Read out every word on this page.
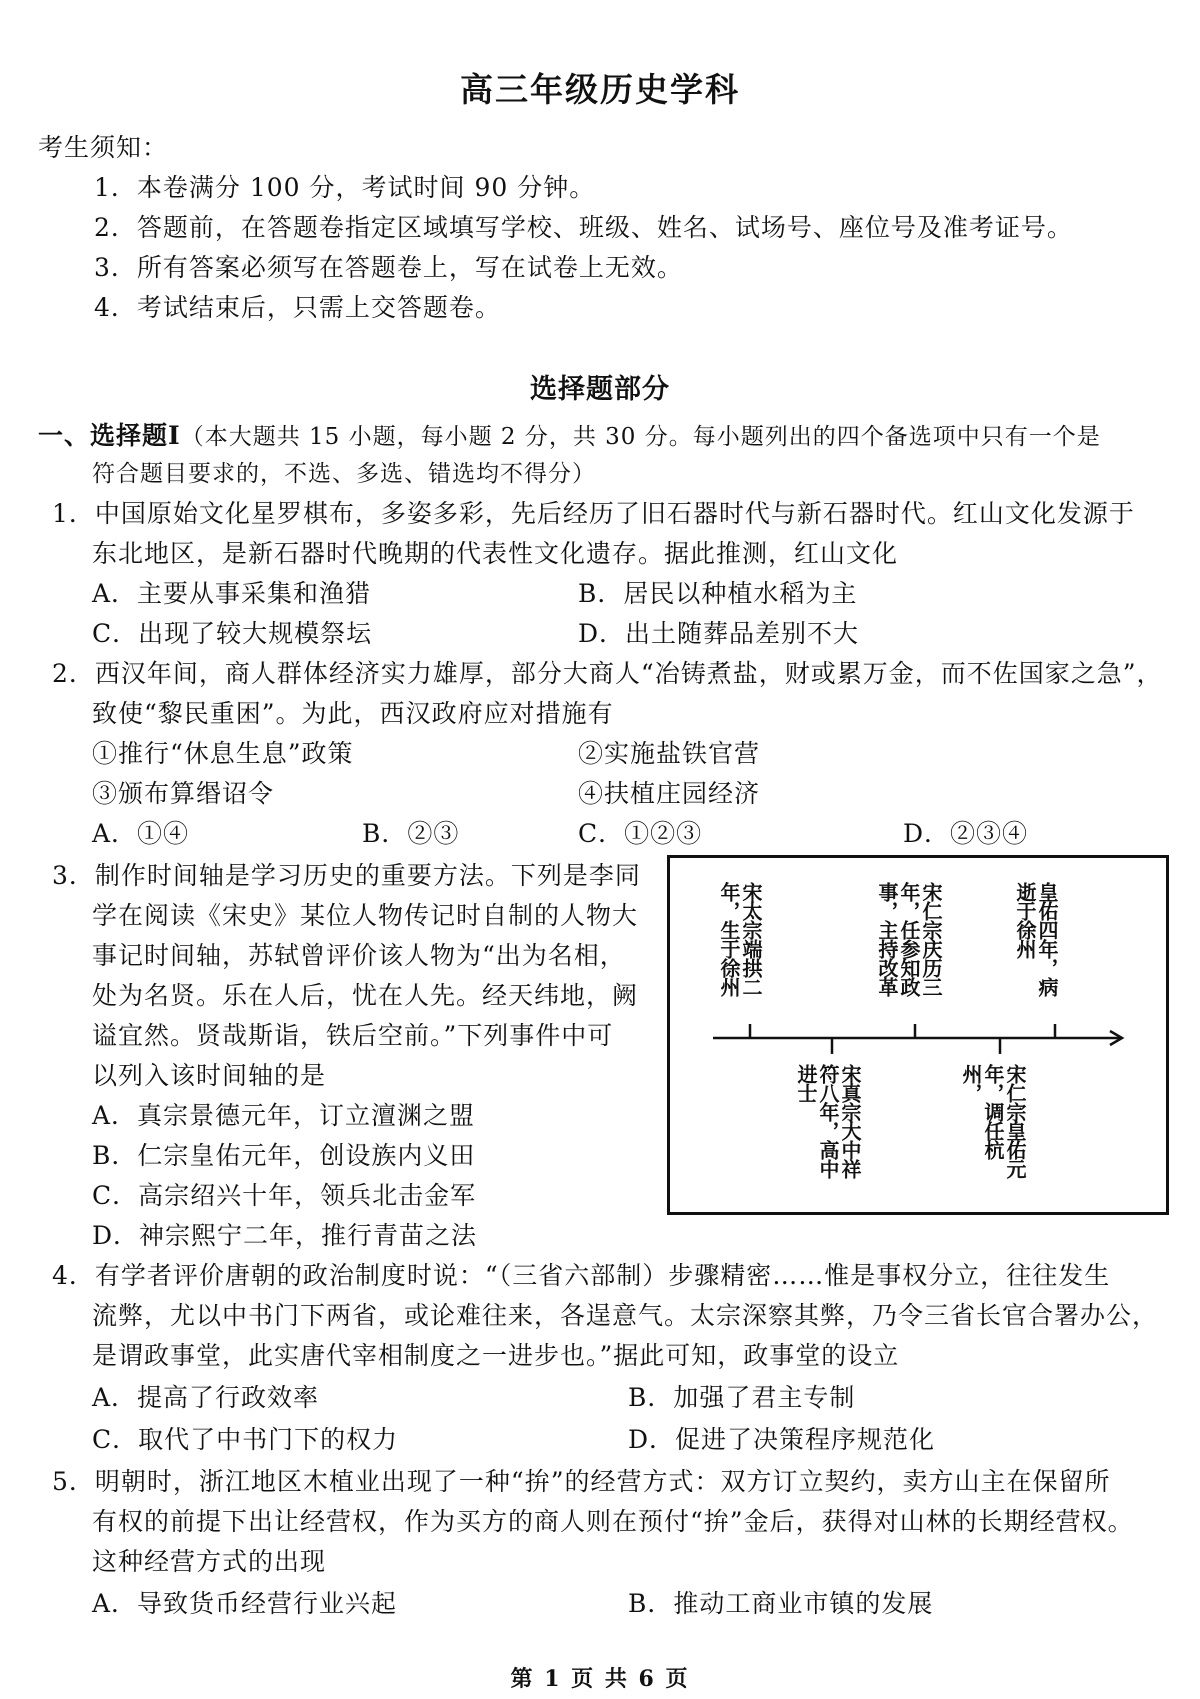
高三年级历史学科
考生须知：
1．本卷满分 100 分，考试时间 90 分钟。
2．答题前，在答题卷指定区域填写学校、班级、姓名、试场号、座位号及准考证号。
3．所有答案必须写在答题卷上，写在试卷上无效。
4．考试结束后，只需上交答题卷。
选择题部分
一、选择题Ⅰ（本大题共 15 小题，每小题 2 分，共 30 分。每小题列出的四个备选项中只有一个是
符合题目要求的，不选、多选、错选均不得分）
1．中国原始文化星罗棋布，多姿多彩，先后经历了旧石器时代与新石器时代。红山文化发源于
东北地区，是新石器时代晚期的代表性文化遗存。据此推测，红山文化
A．主要从事采集和渔猎	B．居民以种植水稻为主
C．出现了较大规模祭坛	D．出土随葬品差别不大
2．西汉年间，商人群体经济实力雄厚，部分大商人“冶铸煮盐，财或累万金，而不佐国家之急”，
致使“黎民重困”。为此，西汉政府应对措施有
①推行“休息生息”政策	②实施盐铁官营
③颁布算缗诏令	④扶植庄园经济
A．①④	B．②③	C．①②③	D．②③④
3．制作时间轴是学习历史的重要方法。下列是李同
学在阅读《宋史》某位人物传记时自制的人物大
事记时间轴，苏轼曾评价该人物为“出为名相，
处为名贤。乐在人后，忧在人先。经天纬地，阙
谥宜然。贤哉斯诣，铁后空前。”下列事件中可
以列入该时间轴的是
A．真宗景德元年，订立澶渊之盟
B．仁宗皇佑元年，创设族内义田
C．高宗绍兴十年，领兵北击金军
D．神宗熙宁二年，推行青苗之法
宋太宗端拱二年，生于徐州	宋仁宗庆历三年，任参知政事，主持改革	皇佑四年，病逝于徐州
宋真宗大中祥符八年，高中进士	宋仁宗皇佑元年，调任杭州，
4．有学者评价唐朝的政治制度时说：“（三省六部制）步骤精密……惟是事权分立，往往发生
流弊，尤以中书门下两省，或论难往来，各逞意气。太宗深察其弊，乃令三省长官合署办公，
是谓政事堂，此实唐代宰相制度之一进步也。”据此可知，政事堂的设立
A．提高了行政效率	B．加强了君主专制
C．取代了中书门下的权力	D．促进了决策程序规范化
5．明朝时，浙江地区木植业出现了一种“拚”的经营方式：双方订立契约，卖方山主在保留所
有权的前提下出让经营权，作为买方的商人则在预付“拚”金后，获得对山林的长期经营权。
这种经营方式的出现
A．导致货币经营行业兴起	B．推动工商业市镇的发展
第 1 页 共 6 页
